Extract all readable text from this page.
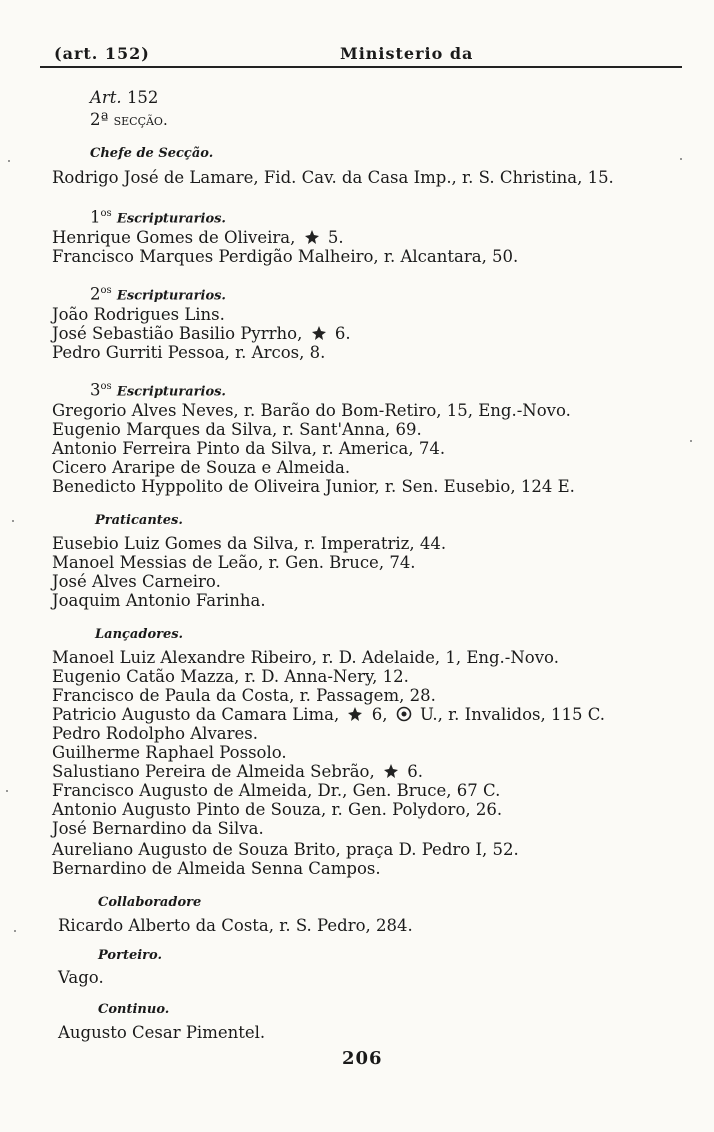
(art. 152)	Ministerio da
Art. 152
2ª secção.
Chefe de Secção.
Rodrigo José de Lamare, Fid. Cav. da Casa Imp., r. S. Christina, 15.
$1^{os}$ Escripturarios.
Henrique Gomes de Oliveira, 5.
Francisco Marques Perdigão Malheiro, r. Alcantara, 50.
$2^{os}$ Escripturarios.
João Rodrigues Lins.
José Sebastião Basilio Pyrrho, 6.
Pedro Gurriti Pessoa, r. Arcos, 8.
$3^{os}$ Escripturarios.
Gregorio Alves Neves, r. Barão do Bom-Retiro, 15, Eng.-Novo.
Eugenio Marques da Silva, r. Sant'Anna, 69.
Antonio Ferreira Pinto da Silva, r. America, 74.
Cicero Araripe de Souza e Almeida.
Benedicto Hyppolito de Oliveira Junior, r. Sen. Eusebio, 124 E.
Praticantes.
Eusebio Luiz Gomes da Silva, r. Imperatriz, 44.
Manoel Messias de Leão, r. Gen. Bruce, 74.
José Alves Carneiro.
Joaquim Antonio Farinha.
Lançadores.
Manoel Luiz Alexandre Ribeiro, r. D. Adelaide, 1, Eng.-Novo.
Eugenio Catão Mazza, r. D. Anna-Nery, 12.
Francisco de Paula da Costa, r. Passagem, 28.
Patricio Augusto da Camara Lima, 6, U., r. Invalidos, 115 C.
Pedro Rodolpho Alvares.
Guilherme Raphael Possolo.
Salustiano Pereira de Almeida Sebrão, 6.
Francisco Augusto de Almeida, Dr., Gen. Bruce, 67 C.
Antonio Augusto Pinto de Souza, r. Gen. Polydoro, 26.
José Bernardino da Silva.
Aureliano Augusto de Souza Brito, praça D. Pedro I, 52.
Bernardino de Almeida Senna Campos.
Collaboradore
Ricardo Alberto da Costa, r. S. Pedro, 284.
Porteiro.
Vago.
Continuo.
Augusto Cesar Pimentel.
206
